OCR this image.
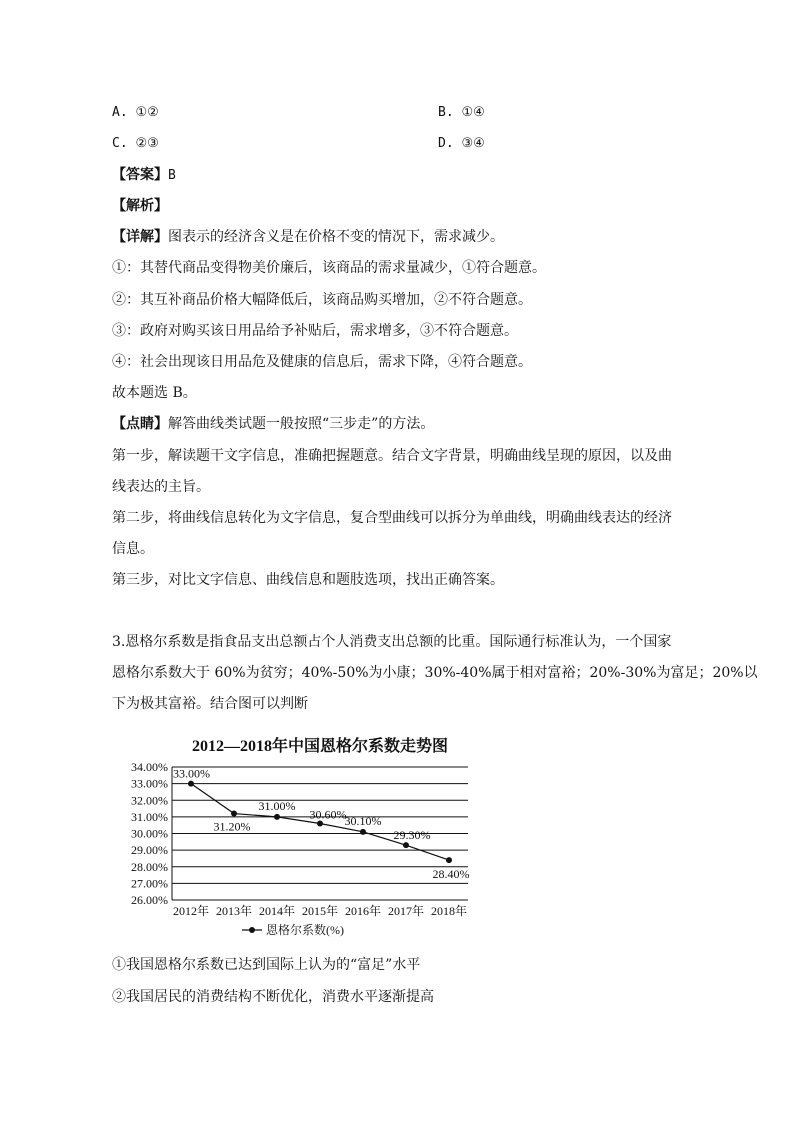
A. ①②	B. ①④
C. ②③	D. ③④
【答案】B
【解析】
【详解】图表示的经济含义是在价格不变的情况下，需求减少。
①：其替代商品变得物美价廉后，该商品的需求量减少，①符合题意。
②：其互补商品价格大幅降低后，该商品购买增加，②不符合题意。
③：政府对购买该日用品给予补贴后，需求增多，③不符合题意。
④：社会出现该日用品危及健康的信息后，需求下降，④符合题意。
故本题选 B。
【点睛】解答曲线类试题一般按照“三步走”的方法。
第一步，解读题干文字信息，准确把握题意。结合文字背景，明确曲线呈现的原因，以及曲
线表达的主旨。
第二步，将曲线信息转化为文字信息，复合型曲线可以拆分为单曲线，明确曲线表达的经济
信息。
第三步，对比文字信息、曲线信息和题肢选项，找出正确答案。
3.恩格尔系数是指食品支出总额占个人消费支出总额的比重。国际通行标准认为，一个国家
恩格尔系数大于 60%为贫穷；40%-50%为小康；30%-40%属于相对富裕；20%-30%为富足；20%以
下为极其富裕。结合图可以判断
2012—2018年中国恩格尔系数走势图
34.00%
33.00%
32.00%
31.00%
30.00%
29.00%
28.00%
27.00%
26.00%
2012年 2013年 2014年 2015年 2016年 2017年 2018年
33.00%
31.20%
31.00%
30.60%
30.10%
29.30%
28.40%
恩格尔系数(%)
①我国恩格尔系数已达到国际上认为的“富足”水平
②我国居民的消费结构不断优化，消费水平逐渐提高
